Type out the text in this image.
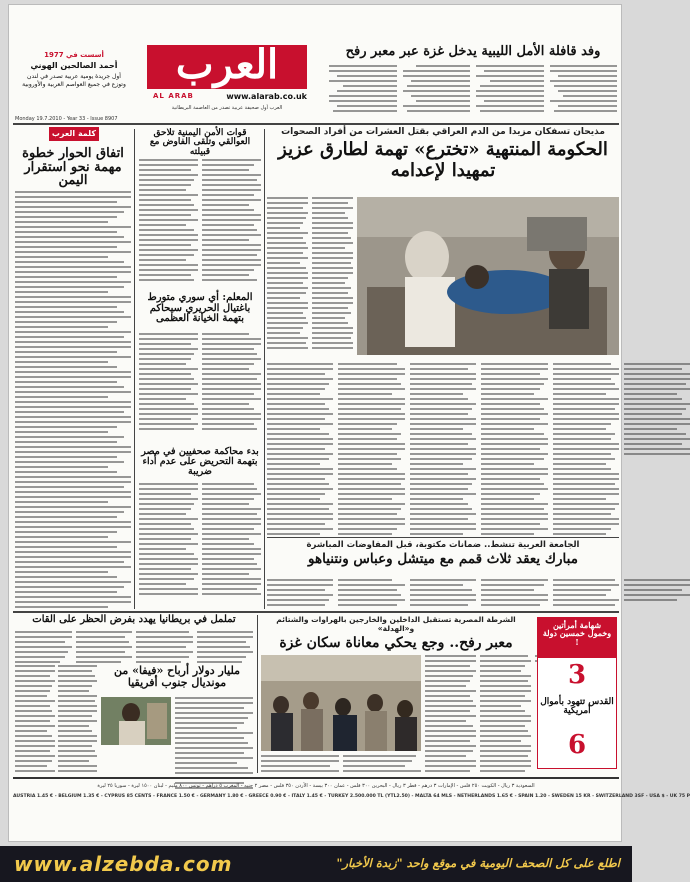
أسست في 1977
أحمد الصالحين الهوني
أول جريدة يومية عربية تصدر في لندن
وتوزع في جميع العواصم العربية والأوروبية	العرب
AL ARAB	www.alarab.co.uk
العرب أول صحيفة عربية تصدر من العاصمة البريطانية
Monday 19.7.2010 - Year 33 - Issue 8907
وفد قافلة الأمل الليبية يدخل غزة عبر معبر رفح
كلمة العرب
اتفاق الحوار خطوة مهمة نحو استقرار اليمن
قوات الأمن اليمنية تلاحق العوالقي وتلقى الفاوض مع قبيلته
المعلم: أي سوري متورط باغتيال الحريري سيحاكم بتهمة الخيانة العظمى
بدء محاكمة صحفيين في مصر بتهمة التحريض على عدم أداء ضريبة
مذيحان تسفكان مزيدا من الدم العراقي بقتل العشرات من أفراد الصحوات
الحكومة المنتهية «تخترع» تهمة لطارق عزيز
تمهيدا لإعدامه
الجامعة العربية تنشط.. ضمانات مكتوبة، قبل المفاوضات المباشرة
مبارك يعقد ثلاث قمم مع ميتشل وعباس ونتنياهو
تململ في بريطانيا يهدد بفرض الحظر على القات
مليار دولار أرباح «فيفا» من مونديال جنوب أفريقيا
الشرطة المصرية تستقبل الداخلين والخارجين بالهراوات والشتائم و«الهدلة»
معبر رفح.. وجع يحكي معاناة سكان غزة
شهامة أمرأتين وخمول خمسين دولة !
3
القدس تتهود بأموال أمريكية
6
السعودية ٣ ريال - الكويت ٢٥٠ فلس - الإمارات ٣ درهم - قطر ٣ ريال - البحرين ٣٠٠ فلس - عمان ٣٠٠ بيسة - الأردن ٣٥٠ فلس - مصر ٢ جنيه - المغرب ٥ دراهم - تونس ٨٠٠ مليم - لبنان ١٥٠٠ ليرة - سوريا ٢٥ ليرة
AUSTRIA 1.45 € - BELGIUM 1.35 € - CYPRUS 85 CENTS - FRANCE 1.50 € - GERMANY 1.80 € - GREECE 0.90 € - ITALY 1.45 € - TURKEY 2.500.000 TL (YTL2.50) - MALTA 64 MLS - NETHERLANDS 1.65 € - SPAIN 1.20 - SWEDEN 15 KR - SWITZERLAND 3SF - USA $ - UK 75 P
www.alzebda.com	اطلع على كل الصحف اليومية في موقع واحد "زبدة الأخبار"
